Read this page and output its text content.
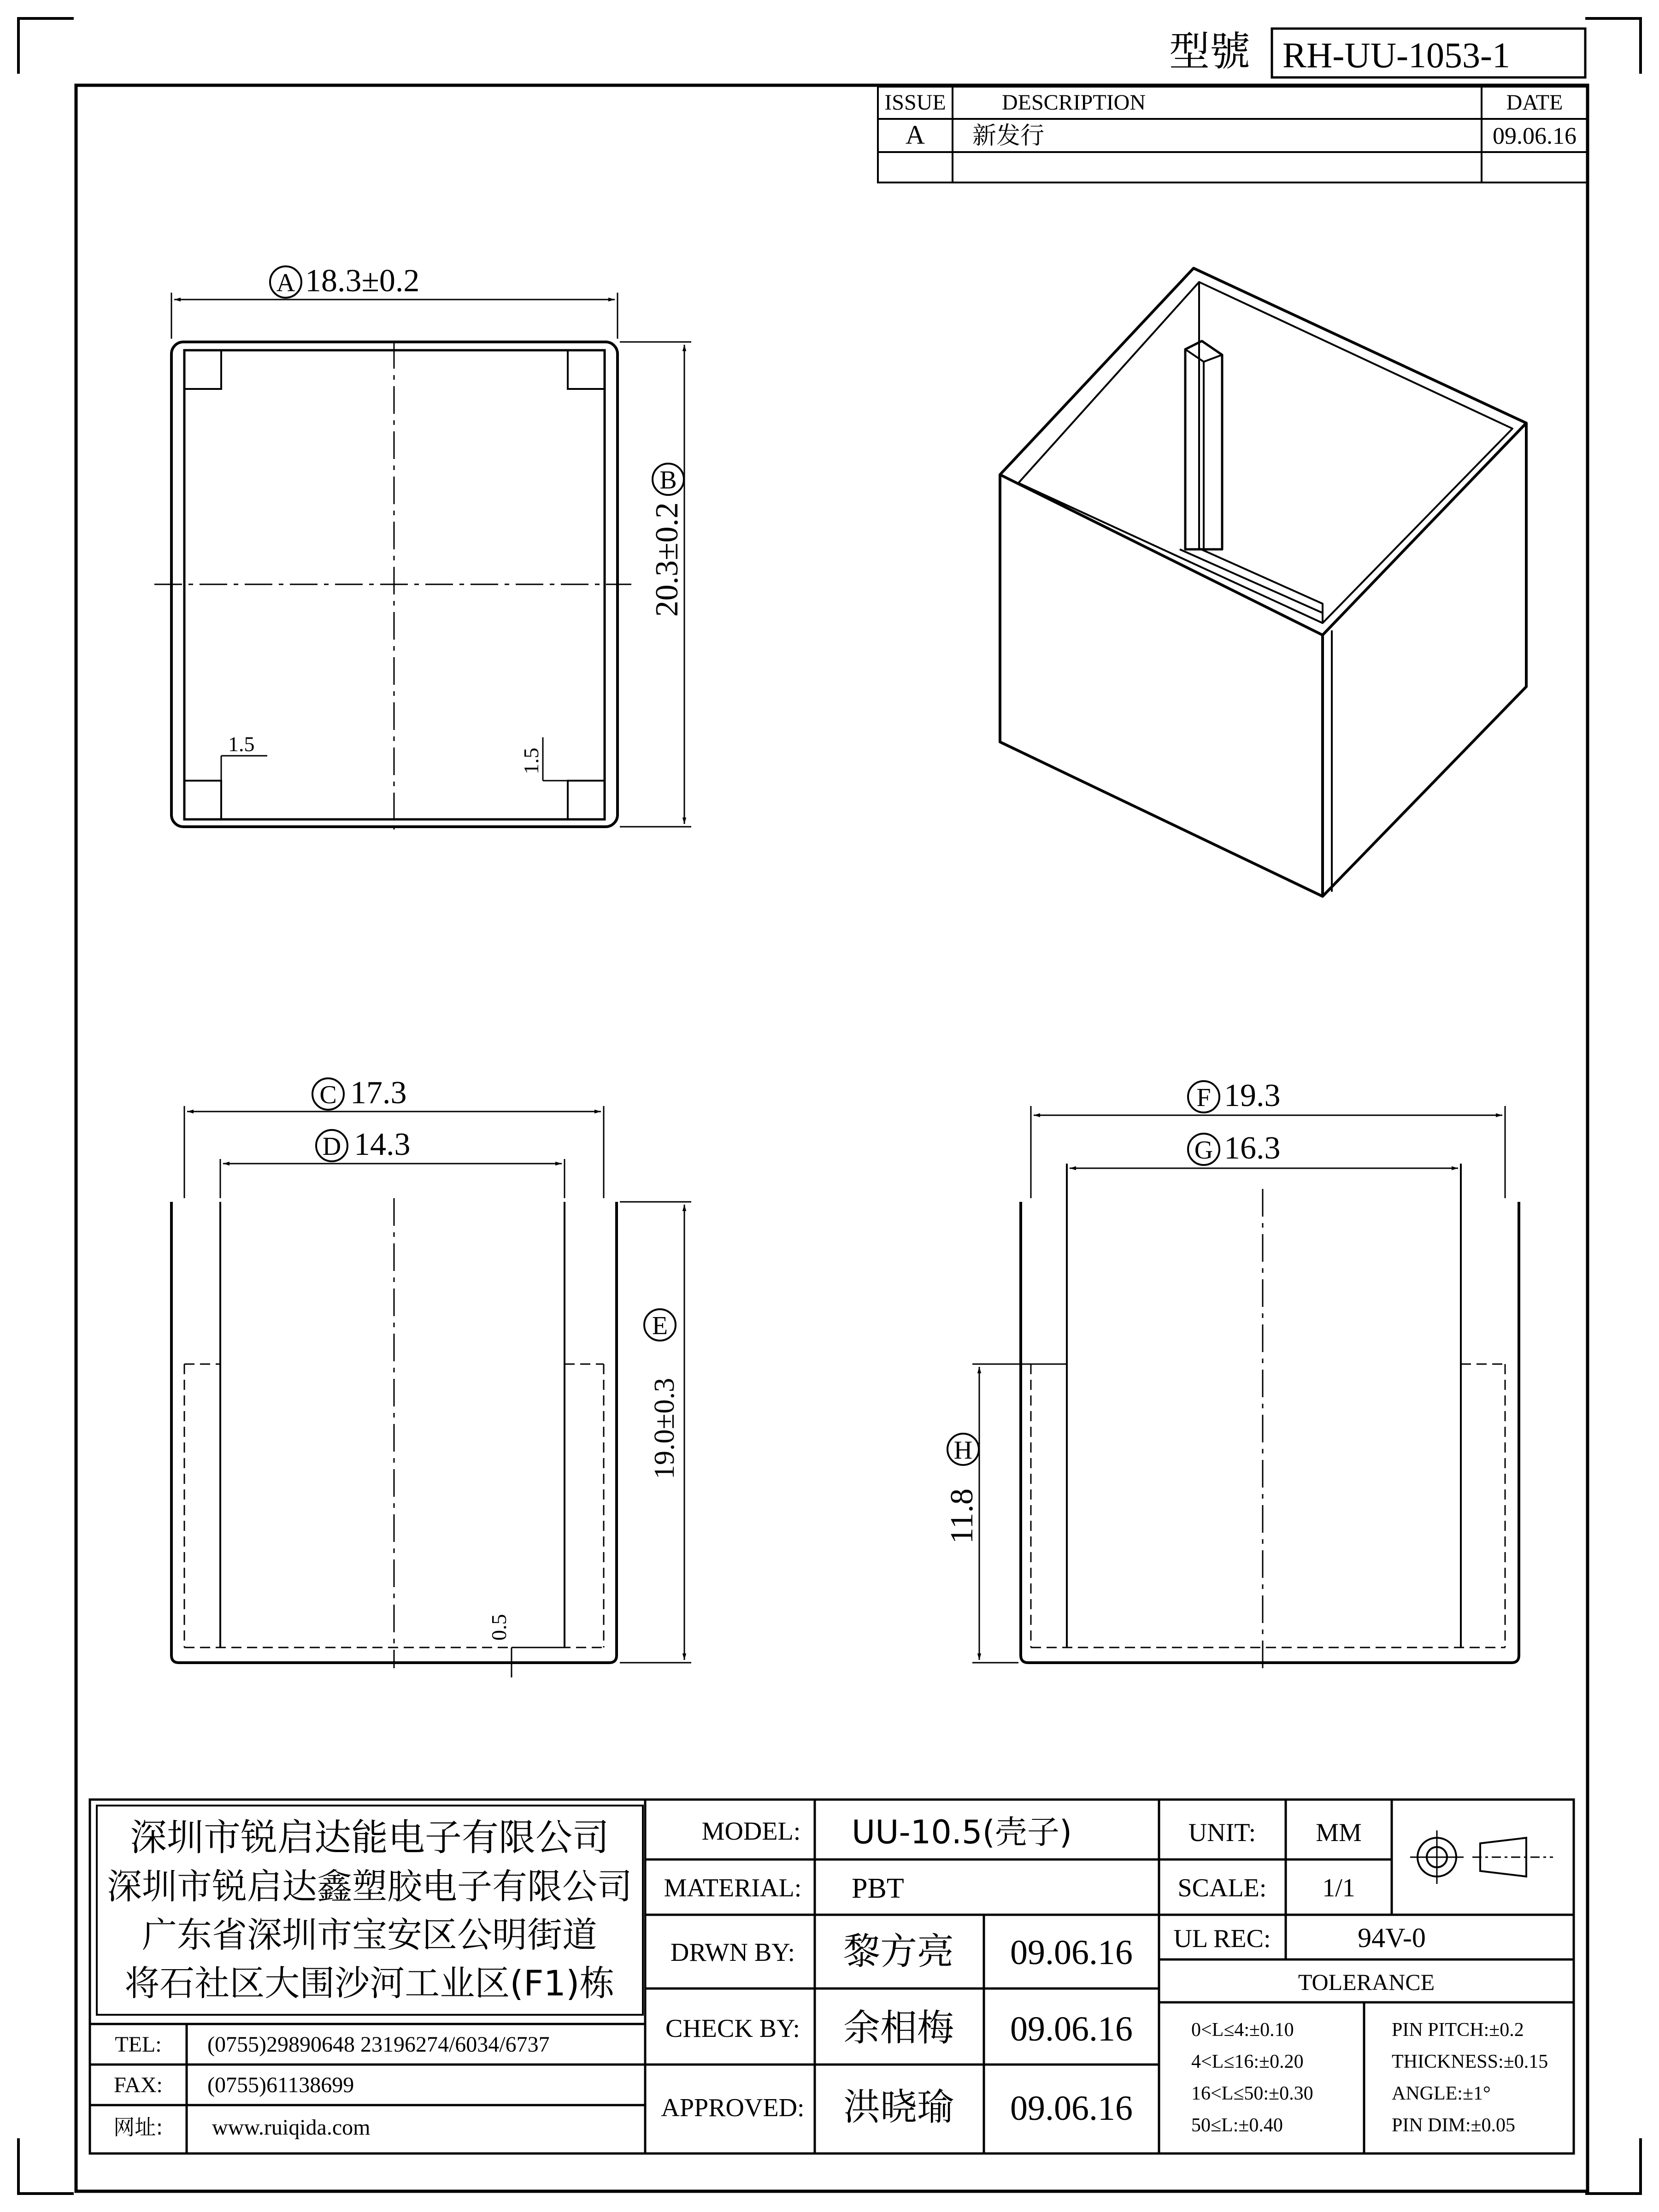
型號 RH-UU-1053-1
ISSUE	DESCRIPTION	DATE
A 新发行	09.06.16
A 18.3±0.2
B
20.3±0.2
1.5
1.5
C 17.3
D 14.3
E
19.0±0.3
0.5
F 19.3
G 16.3
H
11.8
深圳市锐启达能电子有限公司
深圳市锐启达鑫塑胶电子有限公司
广东省深圳市宝安区公明街道
将石社区大围沙河工业区(F1)栋
TEL: (0755)29890648 23196274/6034/6737
FAX: (0755)61138699
网址: www.ruiqida.com
MODEL: UU-10.5(壳子)
MATERIAL: PBT
DRWN BY: 黎方亮 09.06.16
CHECK BY: 余相梅 09.06.16
APPROVED: 洪晓瑜 09.06.16
UNIT: MM
SCALE: 1/1
UL REC:	94V-0
TOLERANCE
0<L≤4:±0.10
4<L≤16:±0.20
16<L≤50:±0.30
50≤L:±0.40
PIN PITCH:±0.2
THICKNESS:±0.15
ANGLE:±1°
PIN DIM:±0.05
